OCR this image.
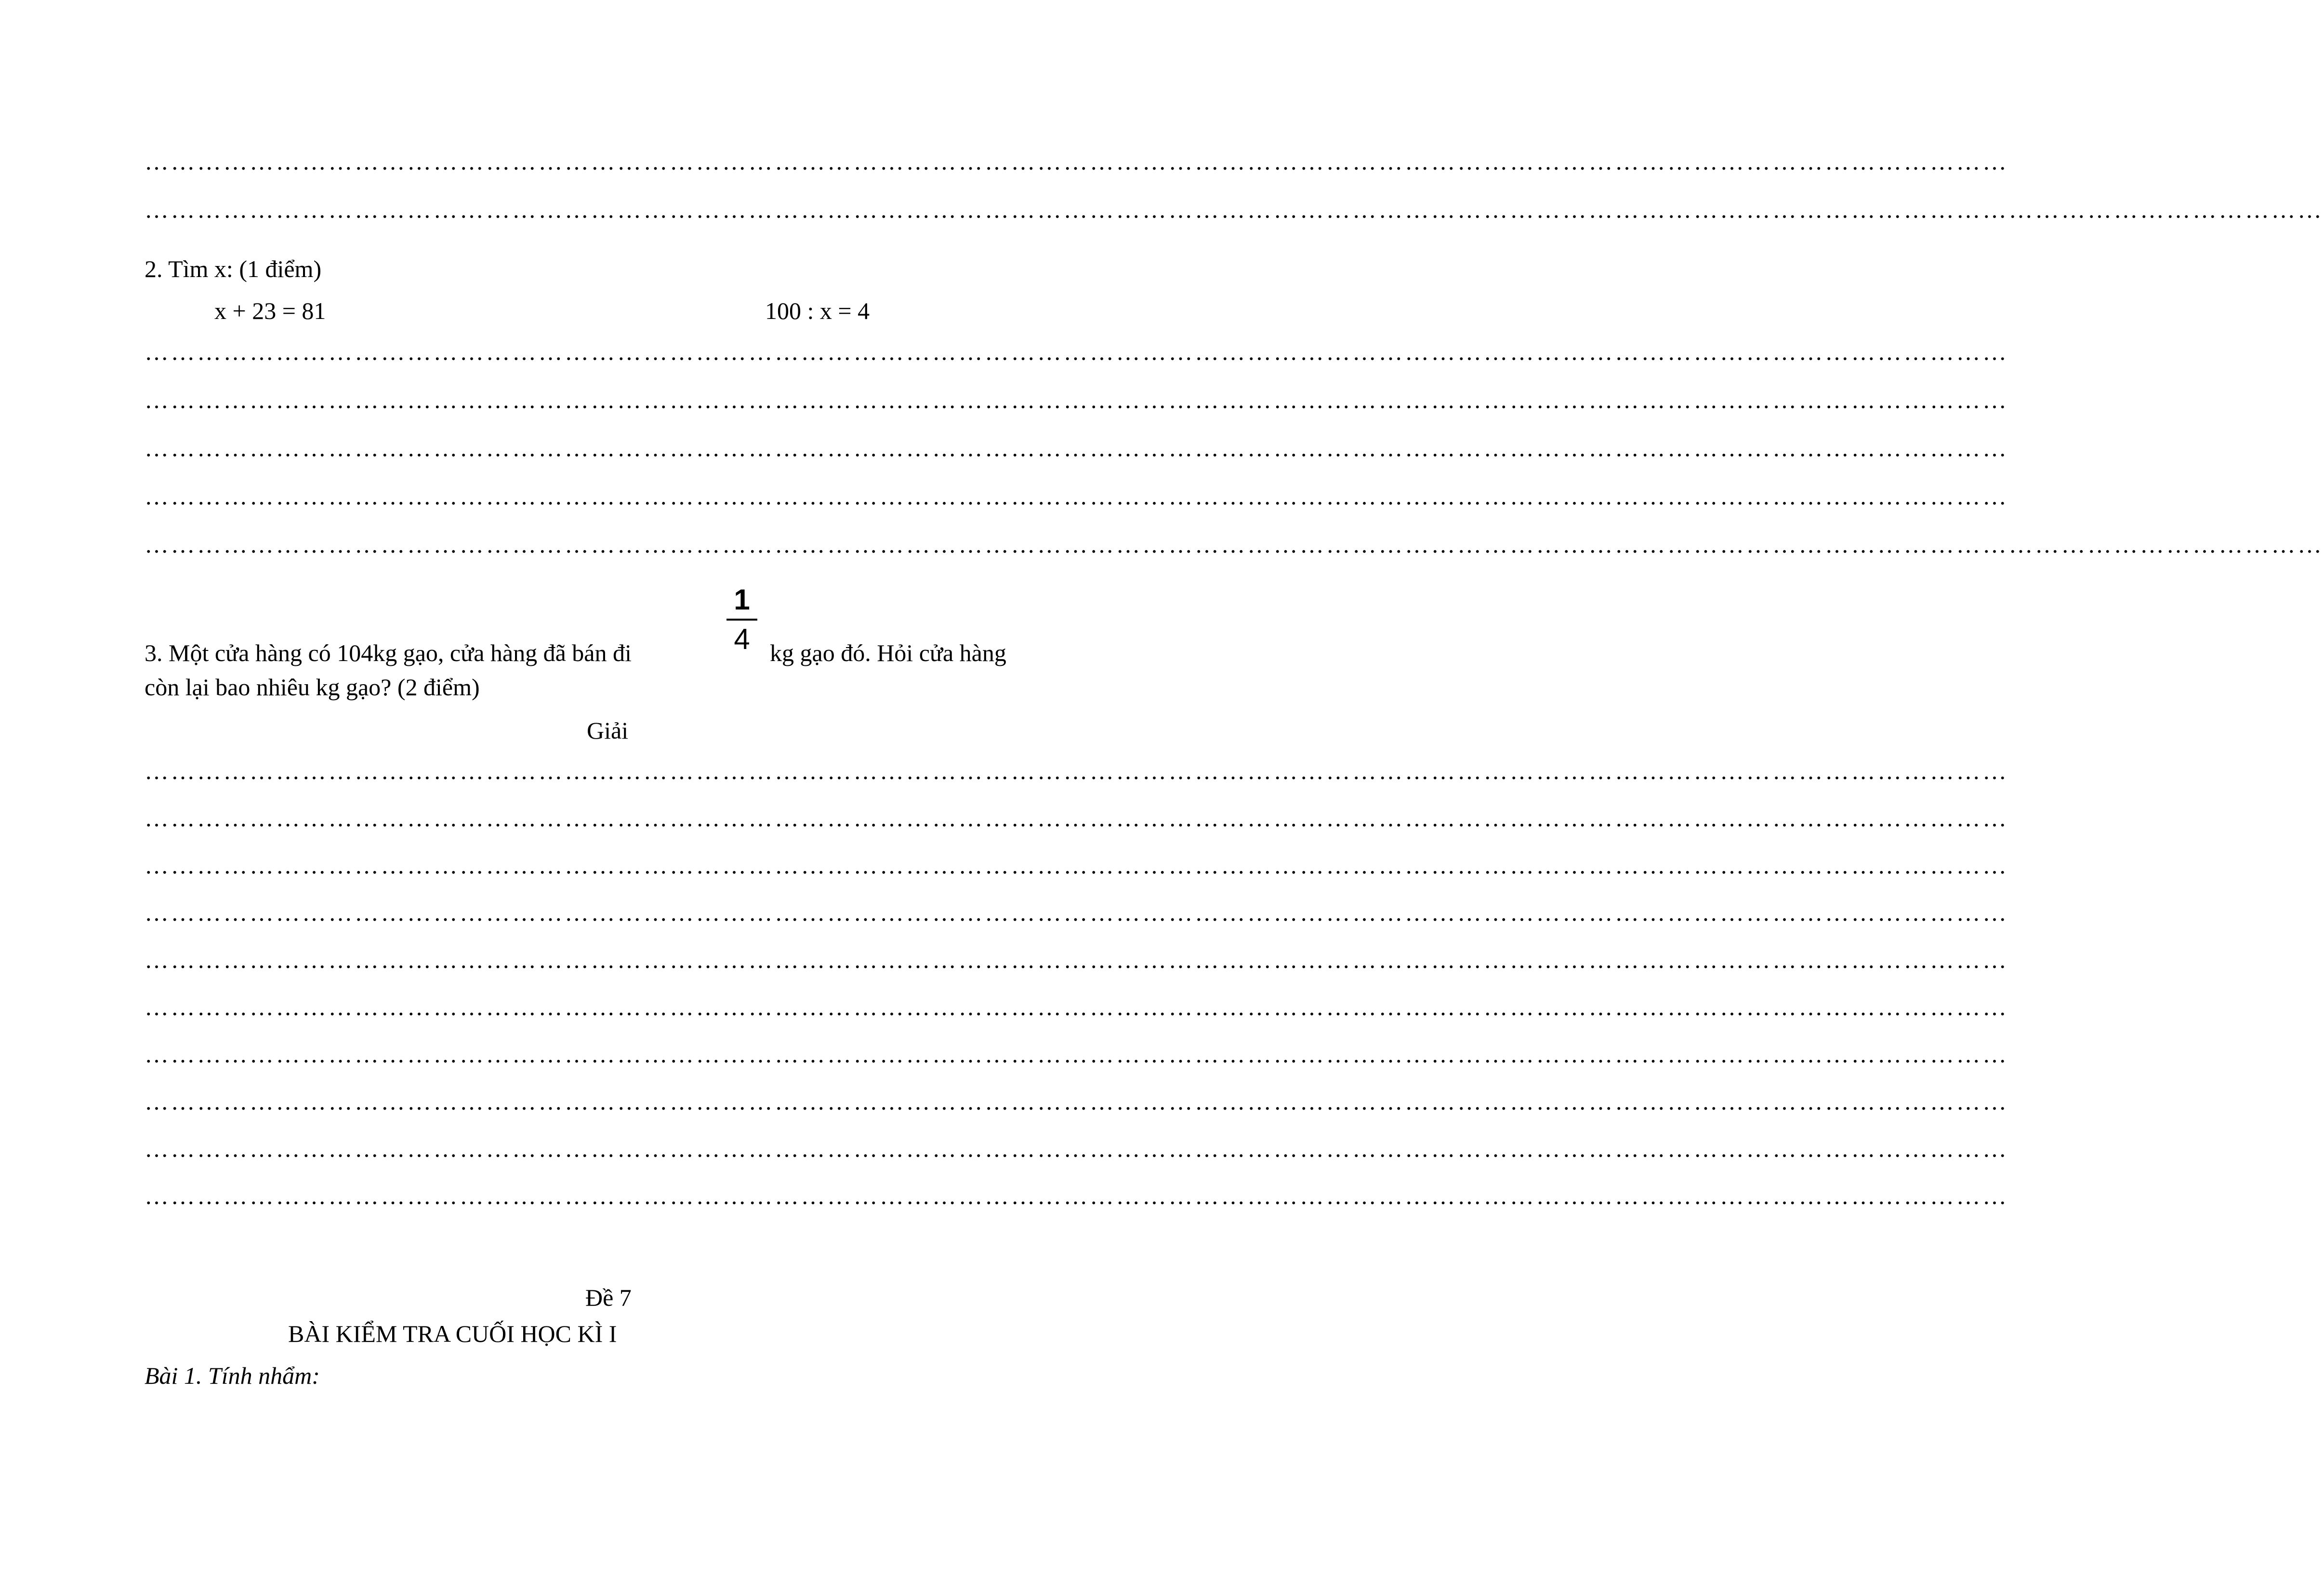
……………………………………………………………………………………………………………………………………………………………………………………………
……………………………………………………………………………………………………………………………………………………………………………………………………………………………
2. Tìm x: (1 điểm)
x + 23 = 81	100 : x = 4
……………………………………………………………………………………………………………………………………………………………………………………………
……………………………………………………………………………………………………………………………………………………………………………………………
……………………………………………………………………………………………………………………………………………………………………………………………
……………………………………………………………………………………………………………………………………………………………………………………………
……………………………………………………………………………………………………………………………………………………………………………………………………………………………
1
4
3. Một cửa hàng có 104kg gạo, cửa hàng đã bán đi	kg gạo đó. Hỏi cửa hàng
còn lại bao nhiêu kg gạo? (2 điểm)
Giải
……………………………………………………………………………………………………………………………………………………………………………………………
……………………………………………………………………………………………………………………………………………………………………………………………
……………………………………………………………………………………………………………………………………………………………………………………………
……………………………………………………………………………………………………………………………………………………………………………………………
……………………………………………………………………………………………………………………………………………………………………………………………
……………………………………………………………………………………………………………………………………………………………………………………………
……………………………………………………………………………………………………………………………………………………………………………………………
……………………………………………………………………………………………………………………………………………………………………………………………
……………………………………………………………………………………………………………………………………………………………………………………………
……………………………………………………………………………………………………………………………………………………………………………………………
Đề 7
BÀI KIỂM TRA CUỐI HỌC KÌ I
Bài 1. Tính nhẩm:
